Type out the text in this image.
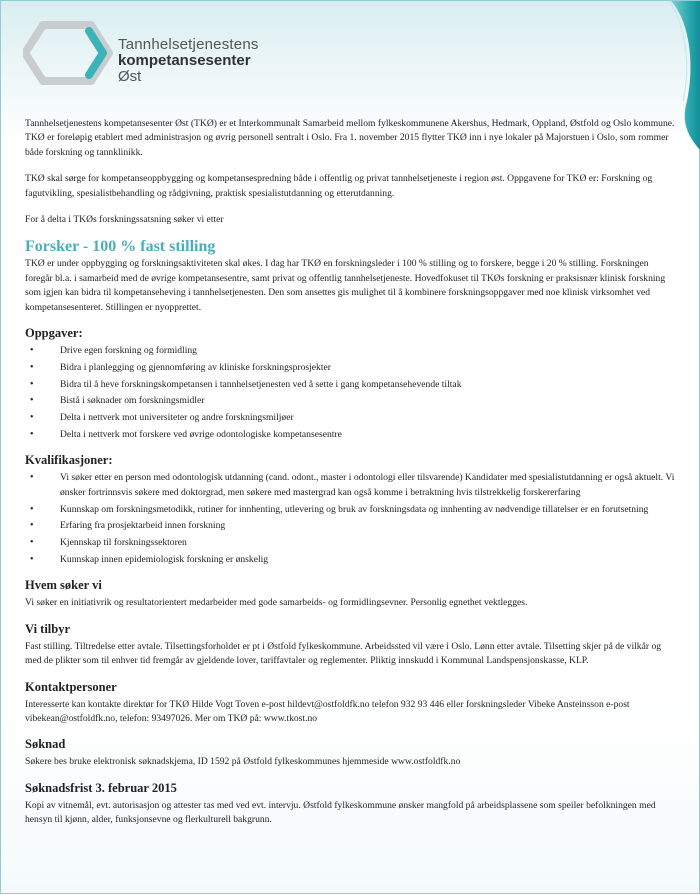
Tannhelsetjenestens
kompetansesenter
Øst

Tannhelsetjenestens kompetansesenter Øst (TKØ) er et Interkommunalt Samarbeid mellom fylkeskommunene Akershus, Hedmark, Oppland, Østfold og Oslo kommune. TKØ er foreløpig etablert med administrasjon og øvrig personell sentralt i Oslo. Fra 1. november 2015 flytter TKØ inn i nye lokaler på Majorstuen i Oslo, som rommer både forskning og tannklinikk.

TKØ skal sørge for kompetanseoppbygging og kompetansespredning både i offentlig og privat tannhelsetjeneste i region øst. Oppgavene for TKØ er: Forskning og fagutvikling, spesialistbehandling og rådgivning, praktisk spesialistutdanning og etterutdanning.

For å delta i TKØs forskningssatsning søker vi etter

Forsker - 100 % fast stilling

TKØ er under oppbygging og forskningsaktiviteten skal økes. I dag har TKØ en forskningsleder i 100 % stilling og to forskere, begge i 20 % stilling. Forskningen foregår bl.a. i samarbeid med de øvrige kompetansesentre, samt privat og offentlig tannhelsetjeneste. Hovedfokuset til TKØs forskning er praksisnær klinisk forskning som igjen kan bidra til kompetanseheving i tannhelsetjenesten. Den som ansettes gis mulighet til å kombinere forskningsoppgaver med noe klinisk virksomhet ved kompetansesenteret. Stillingen er nyopprettet.

Oppgaver:
• Drive egen forskning og formidling
• Bidra i planlegging og gjennomføring av kliniske forskningsprosjekter
• Bidra til å heve forskningskompetansen i tannhelsetjenesten ved å sette i gang kompetansehevende tiltak
• Bistå i søknader om forskningsmidler
• Delta i nettverk mot universiteter og andre forskningsmiljøer
• Delta i nettverk mot forskere ved øvrige odontologiske kompetansesentre
Kvalifikasjoner:
• Vi søker etter en person med odontologisk utdanning (cand. odont., master i odontologi eller tilsvarende) Kandidater med spesialistutdanning er også aktuelt. Vi ønsker fortrinnsvis søkere med doktorgrad, men søkere med mastergrad kan også komme i betraktning hvis tilstrekkelig forskererfaring
• Kunnskap om forskningsmetodikk, rutiner for innhenting, utlevering og bruk av forskningsdata og innhenting av nødvendige tillatelser er en forutsetning
• Erfaring fra prosjektarbeid innen forskning
• Kjennskap til forskningssektoren
• Kunnskap innen epidemiologisk forskning er ønskelig
Hvem søker vi

Vi søker en initiativrik og resultatorientert medarbeider med gode samarbeids- og formidlingsevner. Personlig egnethet vektlegges.

Vi tilbyr

Fast stilling. Tiltredelse etter avtale. Tilsettingsforholdet er pt i Østfold fylkeskommune. Arbeidssted vil være i Oslo. Lønn etter avtale. Tilsetting skjer på de vilkår og med de plikter som til enhver tid fremgår av gjeldende lover, tariffavtaler og reglementer. Pliktig innskudd i Kommunal Landspensjonskasse, KLP.

Kontaktpersoner

Interesserte kan kontakte direktør for TKØ Hilde Vogt Toven e-post hildevt@ostfoldfk.no telefon 932 93 446 eller forskningsleder Vibeke Ansteinsson e-post vibekean@ostfoldfk.no, telefon: 93497026. Mer om TKØ på: www.tkost.no

Søknad

Søkere bes bruke elektronisk søknadskjema, ID 1592 på Østfold fylkeskommunes hjemmeside www.ostfoldfk.no

Søknadsfrist 3. februar 2015

Kopi av vitnemål, evt. autorisasjon og attester tas med ved evt. intervju. Østfold fylkeskommune ønsker mangfold på arbeidsplassene som speiler befolkningen med hensyn til kjønn, alder, funksjonsevne og flerkulturell bakgrunn.
